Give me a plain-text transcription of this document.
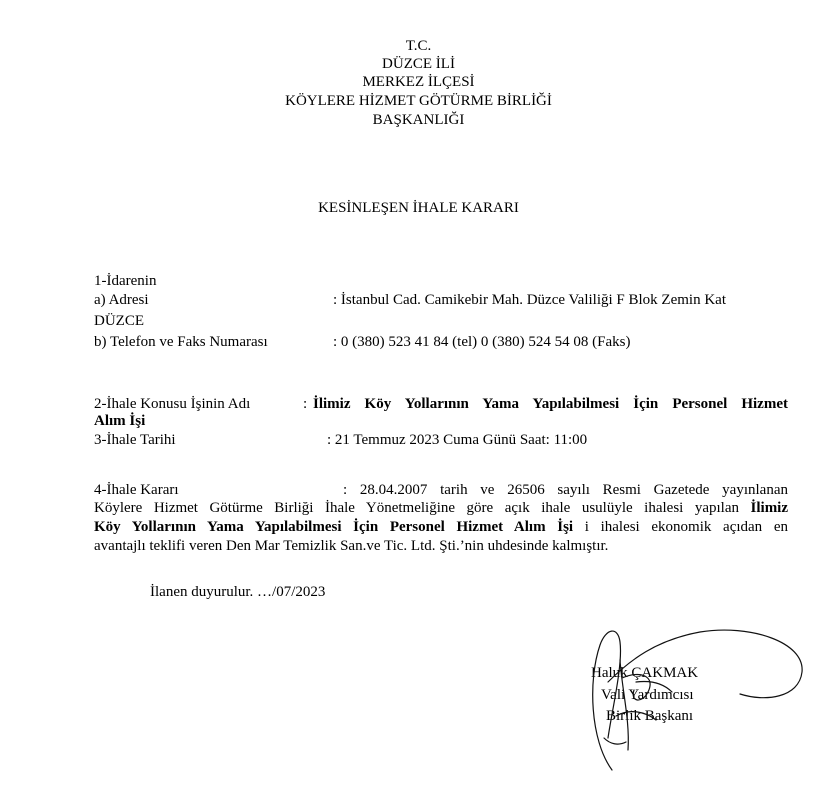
T.C.
DÜZCE İLİ
MERKEZ İLÇESİ
KÖYLERE HİZMET GÖTÜRME BİRLİĞİ
BAŞKANLIĞI
KESİNLEŞEN İHALE KARARI
1-İdarenin
a) Adresi	: İstanbul Cad. Camikebir Mah. Düzce Valiliği F Blok Zemin Kat
DÜZCE
b) Telefon ve Faks Numarası	: 0 (380) 523 41 84 (tel) 0 (380) 524 54 08 (Faks)
2-İhale Konusu İşinin Adı	: İlimiz Köy Yollarının Yama Yapılabilmesi İçin Personel Hizmet
Alım İşi
3-İhale Tarihi	: 21 Temmuz 2023 Cuma Günü Saat: 11:00
4-İhale Kararı	: 28.04.2007 tarih ve 26506 sayılı Resmi Gazetede yayınlanan
Köylere Hizmet Götürme Birliği İhale Yönetmeliğine göre açık ihale usulüyle ihalesi yapılan İlimiz
Köy Yollarının Yama Yapılabilmesi İçin Personel Hizmet Alım İşi i ihalesi ekonomik açıdan en
avantajlı teklifi veren Den Mar Temizlik San.ve Tic. Ltd. Şti.’nin uhdesinde kalmıştır.
İlanen duyurulur. …/07/2023
Haluk ÇAKMAK
Vali Yardımcısı
Birlik Başkanı
